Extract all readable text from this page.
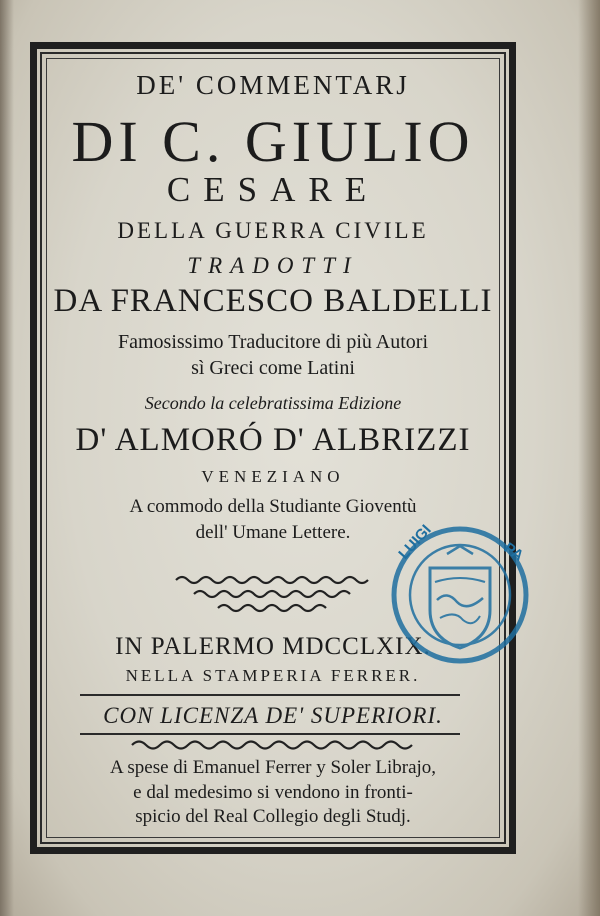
DE' COMMENTARJ
DI C. GIULIO
CESARE
DELLA GUERRA CIVILE
TRADOTTI
DA FRANCESCO BALDELLI
Famosissimo Traducitore di più Autori
sì Greci come Latini
Secondo la celebratissima Edizione
D' ALMORÓ D' ALBRIZZI
VENEZIANO
A commodo della Studiante Gioventù
dell' Umane Lettere.
IN PALERMO MDCCLXIX.
NELLA STAMPERIA FERRER.
CON LICENZA DE' SUPERIORI.
A spese di Emanuel Ferrer y Soler Librajo,
e dal medesimo si vendono in fronti-
spicio del Real Collegio degli Studj.
LUIGI	PA
